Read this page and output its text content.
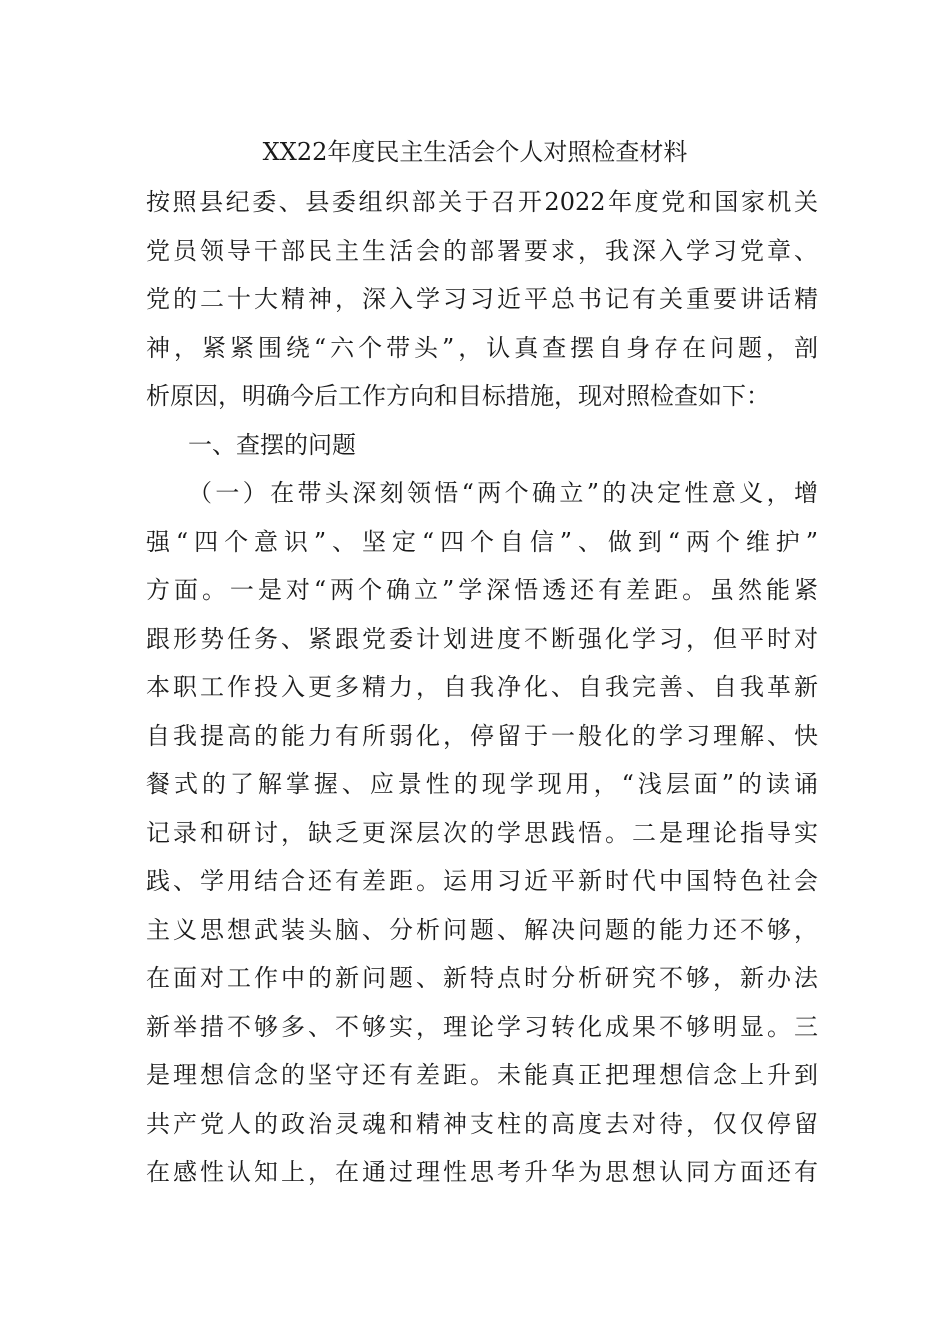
XX22年度民主生活会个人对照检查材料
按照县纪委、县委组织部关于召开2022年度党和国家机关
党员领导干部民主生活会的部署要求，我深入学习党章、
党的二十大精神，深入学习习近平总书记有关重要讲话精
神，紧紧围绕“六个带头”，认真查摆自身存在问题，剖
析原因，明确今后工作方向和目标措施，现对照检查如下：
一、查摆的问题
（一）在带头深刻领悟“两个确立”的决定性意义，增
强“四个意识”、坚定“四个自信”、做到“两个维护”
方面。一是对“两个确立”学深悟透还有差距。虽然能紧
跟形势任务、紧跟党委计划进度不断强化学习，但平时对
本职工作投入更多精力，自我净化、自我完善、自我革新
自我提高的能力有所弱化，停留于一般化的学习理解、快
餐式的了解掌握、应景性的现学现用，“浅层面”的读诵
记录和研讨，缺乏更深层次的学思践悟。二是理论指导实
践、学用结合还有差距。运用习近平新时代中国特色社会
主义思想武装头脑、分析问题、解决问题的能力还不够，
在面对工作中的新问题、新特点时分析研究不够，新办法
新举措不够多、不够实，理论学习转化成果不够明显。三
是理想信念的坚守还有差距。未能真正把理想信念上升到
共产党人的政治灵魂和精神支柱的高度去对待，仅仅停留
在感性认知上，在通过理性思考升华为思想认同方面还有
